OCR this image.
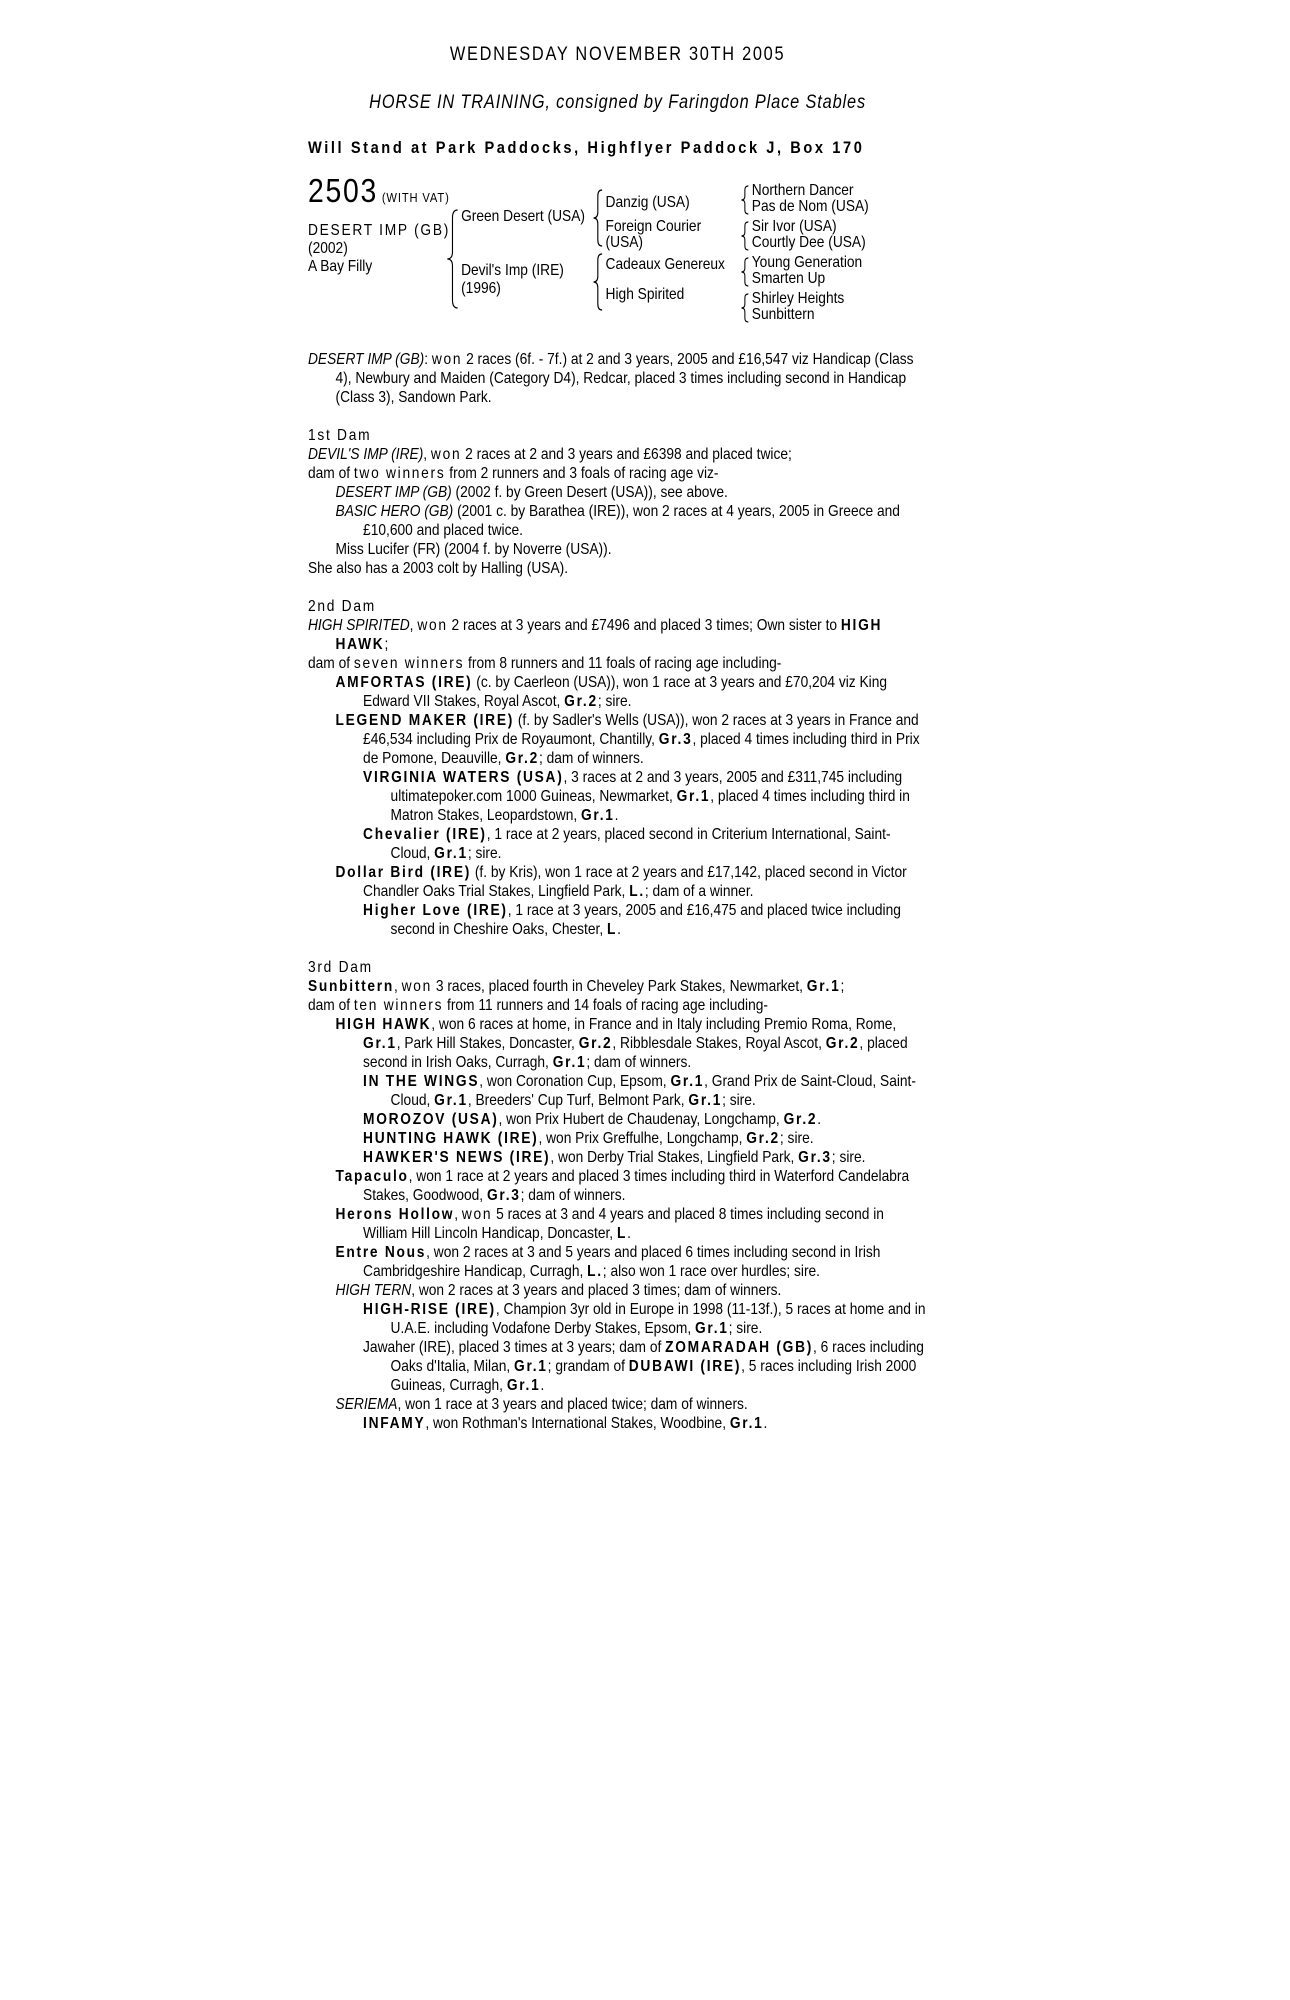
WEDNESDAY NOVEMBER 30TH 2005
HORSE IN TRAINING, consigned by Faringdon Place Stables
Will Stand at Park Paddocks, Highflyer Paddock J, Box 170
2503 (WITH VAT)
DESERT IMP (GB)
(2002)
A Bay Filly
Green Desert (USA)
Devil's Imp (IRE)
(1996)
Danzig (USA)
Foreign Courier
(USA)
Cadeaux Genereux
High Spirited
Northern Dancer
Pas de Nom (USA)
Sir Ivor (USA)
Courtly Dee (USA)
Young Generation
Smarten Up
Shirley Heights
Sunbittern

DESERT IMP (GB): won 2 races (6f. - 7f.) at 2 and 3 years, 2005 and £16,547 viz Handicap (Class 4), Newbury and Maiden (Category D4), Redcar, placed 3 times including second in Handicap (Class 3), Sandown Park.

1st Dam

DEVIL'S IMP (IRE), won 2 races at 2 and 3 years and £6398 and placed twice;

dam of two winners from 2 runners and 3 foals of racing age viz-

DESERT IMP (GB) (2002 f. by Green Desert (USA)), see above.

BASIC HERO (GB) (2001 c. by Barathea (IRE)), won 2 races at 4 years, 2005 in Greece and £10,600 and placed twice.

Miss Lucifer (FR) (2004 f. by Noverre (USA)).

She also has a 2003 colt by Halling (USA).

2nd Dam

HIGH SPIRITED, won 2 races at 3 years and £7496 and placed 3 times; Own sister to HIGH HAWK;

dam of seven winners from 8 runners and 11 foals of racing age including-

AMFORTAS (IRE) (c. by Caerleon (USA)), won 1 race at 3 years and £70,204 viz King Edward VII Stakes, Royal Ascot, Gr.2; sire.

LEGEND MAKER (IRE) (f. by Sadler's Wells (USA)), won 2 races at 3 years in France and £46,534 including Prix de Royaumont, Chantilly, Gr.3, placed 4 times including third in Prix de Pomone, Deauville, Gr.2; dam of winners.

VIRGINIA WATERS (USA), 3 races at 2 and 3 years, 2005 and £311,745 including ultimatepoker.com 1000 Guineas, Newmarket, Gr.1, placed 4 times including third in Matron Stakes, Leopardstown, Gr.1.

Chevalier (IRE), 1 race at 2 years, placed second in Criterium International, Saint-Cloud, Gr.1; sire.

Dollar Bird (IRE) (f. by Kris), won 1 race at 2 years and £17,142, placed second in Victor Chandler Oaks Trial Stakes, Lingfield Park, L.; dam of a winner.

Higher Love (IRE), 1 race at 3 years, 2005 and £16,475 and placed twice including second in Cheshire Oaks, Chester, L.

3rd Dam

Sunbittern, won 3 races, placed fourth in Cheveley Park Stakes, Newmarket, Gr.1;

dam of ten winners from 11 runners and 14 foals of racing age including-

HIGH HAWK, won 6 races at home, in France and in Italy including Premio Roma, Rome, Gr.1, Park Hill Stakes, Doncaster, Gr.2, Ribblesdale Stakes, Royal Ascot, Gr.2, placed second in Irish Oaks, Curragh, Gr.1; dam of winners.

IN THE WINGS, won Coronation Cup, Epsom, Gr.1, Grand Prix de Saint-Cloud, Saint-Cloud, Gr.1, Breeders' Cup Turf, Belmont Park, Gr.1; sire.

MOROZOV (USA), won Prix Hubert de Chaudenay, Longchamp, Gr.2.

HUNTING HAWK (IRE), won Prix Greffulhe, Longchamp, Gr.2; sire.

HAWKER'S NEWS (IRE), won Derby Trial Stakes, Lingfield Park, Gr.3; sire.

Tapaculo, won 1 race at 2 years and placed 3 times including third in Waterford Candelabra Stakes, Goodwood, Gr.3; dam of winners.

Herons Hollow, won 5 races at 3 and 4 years and placed 8 times including second in William Hill Lincoln Handicap, Doncaster, L.

Entre Nous, won 2 races at 3 and 5 years and placed 6 times including second in Irish Cambridgeshire Handicap, Curragh, L.; also won 1 race over hurdles; sire.

HIGH TERN, won 2 races at 3 years and placed 3 times; dam of winners.

HIGH-RISE (IRE), Champion 3yr old in Europe in 1998 (11-13f.), 5 races at home and in U.A.E. including Vodafone Derby Stakes, Epsom, Gr.1; sire.

Jawaher (IRE), placed 3 times at 3 years; dam of ZOMARADAH (GB), 6 races including Oaks d'Italia, Milan, Gr.1; grandam of DUBAWI (IRE), 5 races including Irish 2000 Guineas, Curragh, Gr.1.

SERIEMA, won 1 race at 3 years and placed twice; dam of winners.

INFAMY, won Rothman's International Stakes, Woodbine, Gr.1.
